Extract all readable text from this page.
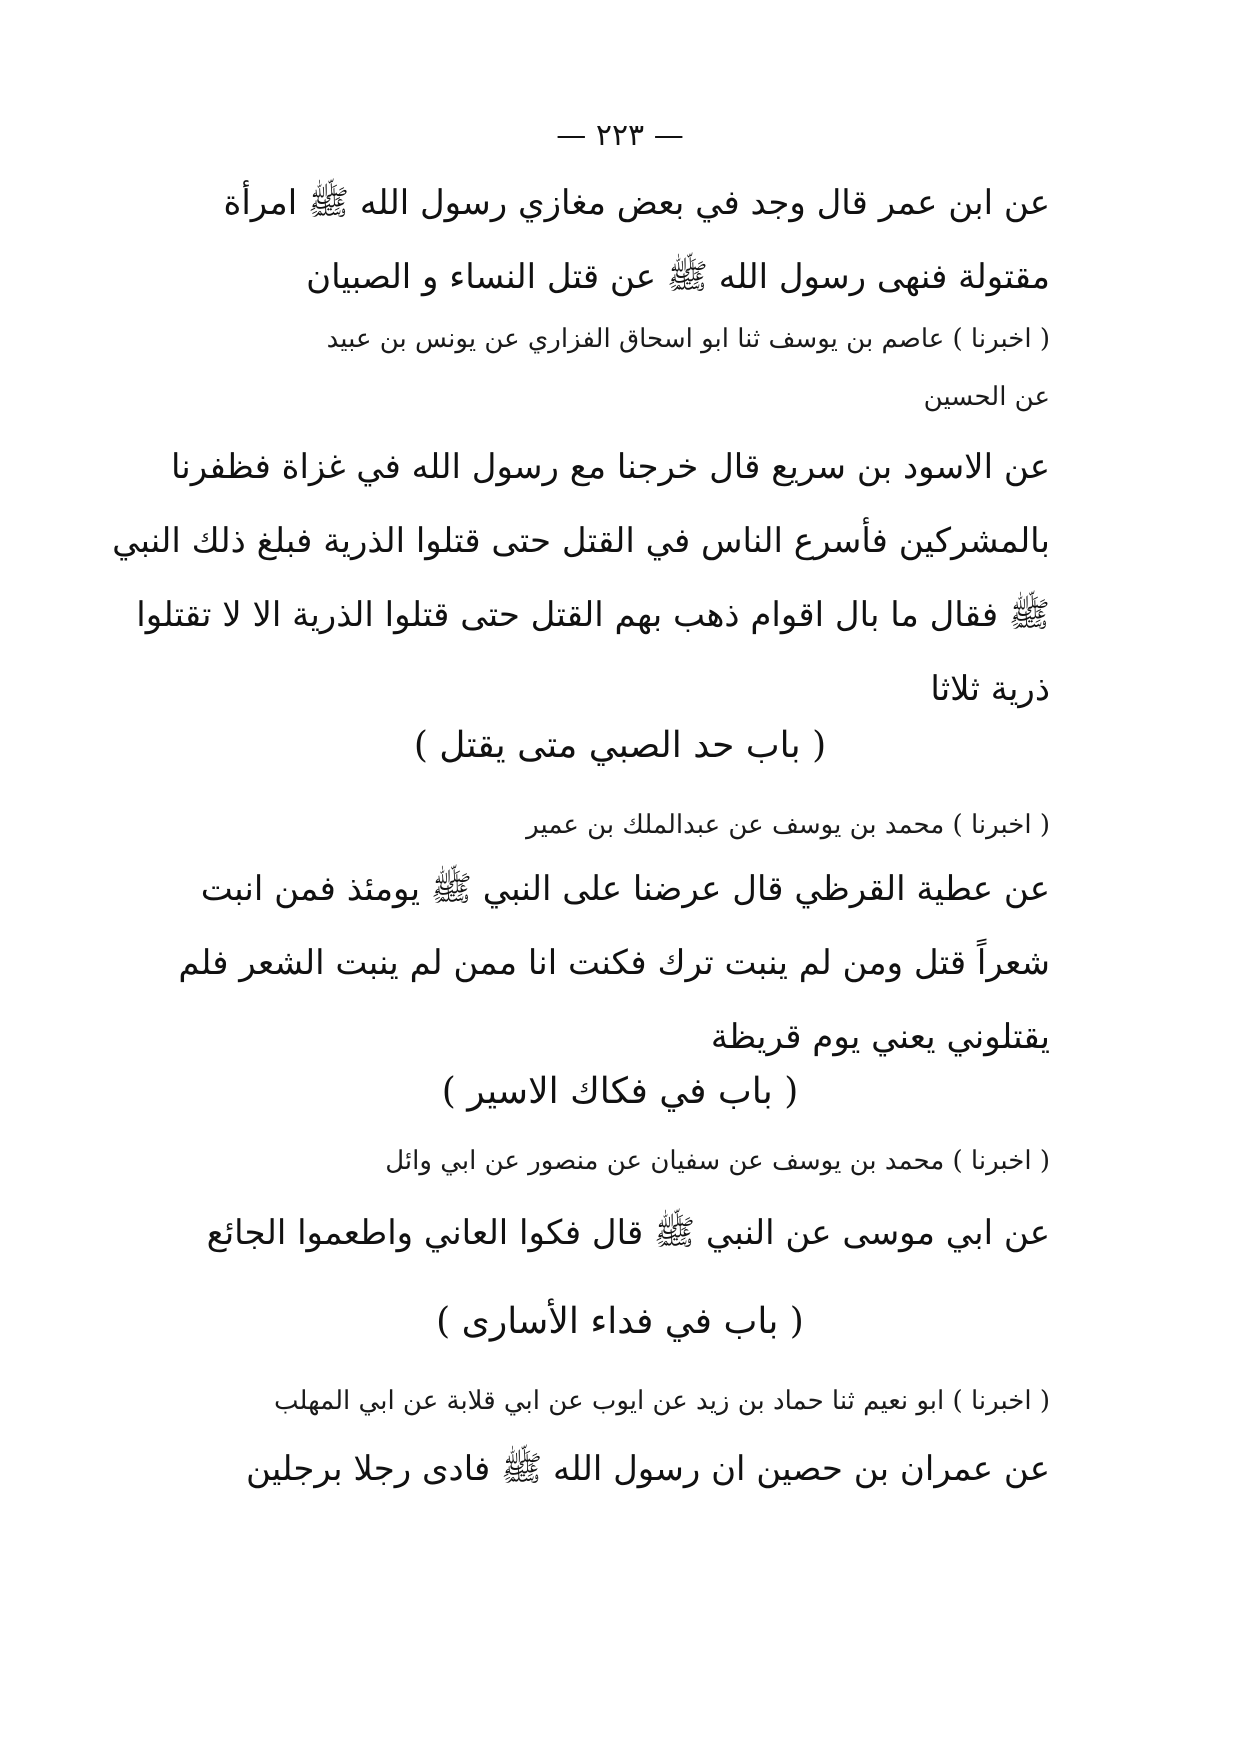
— ٢٢٣ —
عن ابن عمر قال وجد في بعض مغازي رسول الله ﷺ امرأة
مقتولة فنهى رسول الله ﷺ عن قتل النساء و الصبيان
( اخبرنا ) عاصم بن يوسف ثنا ابو اسحاق الفزاري عن يونس بن عبيد
عن الحسين
عن الاسود بن سريع قال خرجنا مع رسول الله في غزاة فظفرنا
بالمشركين فأسرع الناس في القتل حتى قتلوا الذرية فبلغ ذلك النبي
ﷺ فقال ما بال اقوام ذهب بهم القتل حتى قتلوا الذرية الا لا تقتلوا
ذرية ثلاثا
( باب حد الصبي متى يقتل )
( اخبرنا ) محمد بن يوسف عن عبدالملك بن عمير
عن عطية القرظي قال عرضنا على النبي ﷺ يومئذ فمن انبت
شعراً قتل ومن لم ينبت ترك فكنت انا ممن لم ينبت الشعر فلم
يقتلوني يعني يوم قريظة
( باب في فكاك الاسير )
( اخبرنا ) محمد بن يوسف عن سفيان عن منصور عن ابي وائل
عن ابي موسى عن النبي ﷺ قال فكوا العاني واطعموا الجائع
( باب في فداء الأسارى )
( اخبرنا ) ابو نعيم ثنا حماد بن زيد عن ايوب عن ابي قلابة عن ابي المهلب
عن عمران بن حصين ان رسول الله ﷺ فادى رجلا برجلين
